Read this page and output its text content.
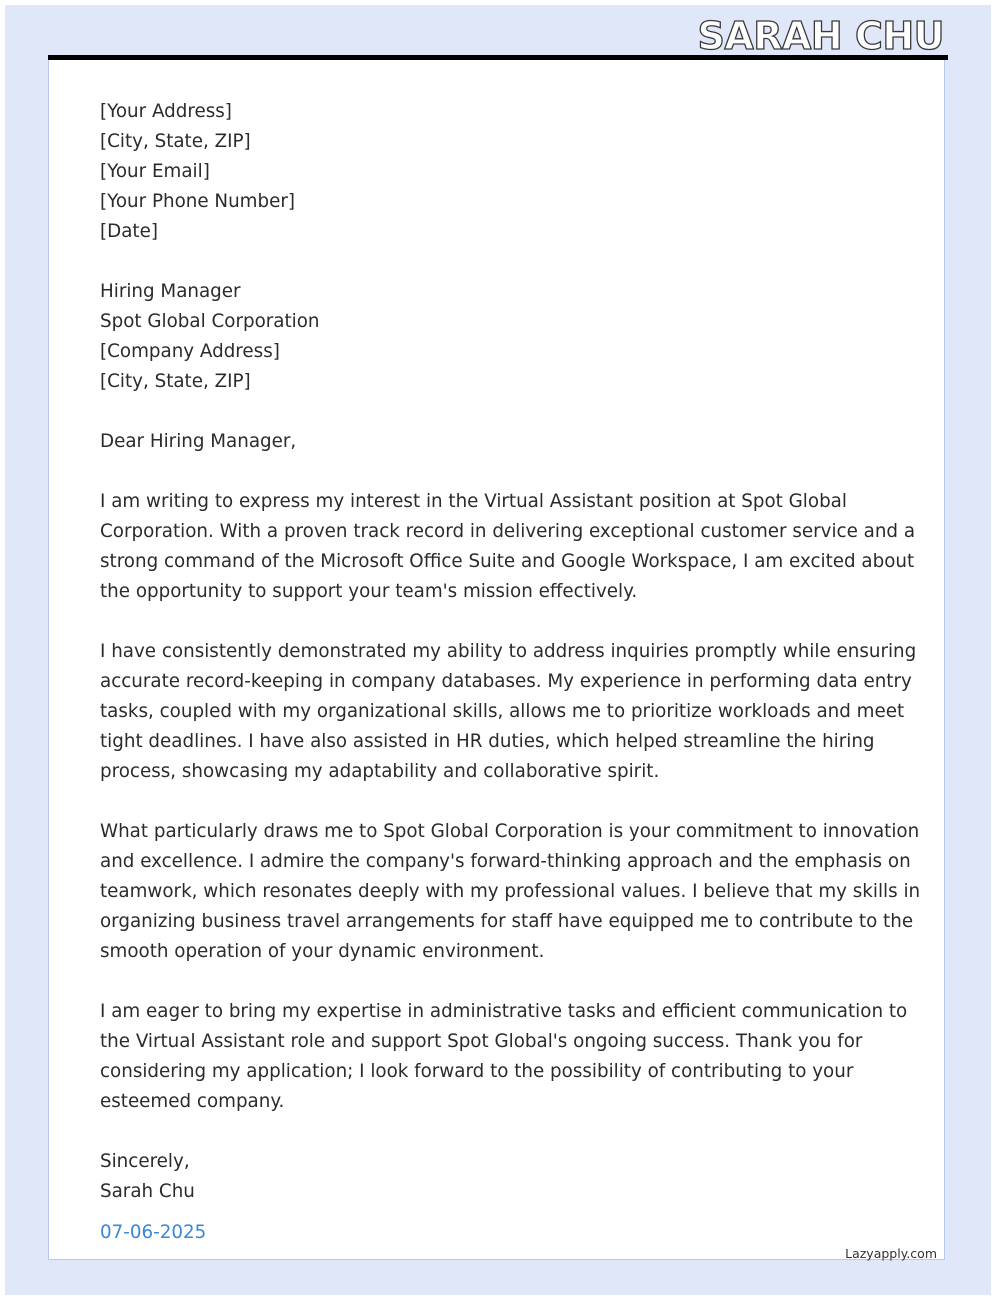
SARAH CHU
[Your Address]
[City, State, ZIP]
[Your Email]
[Your Phone Number]
[Date]
Hiring Manager
Spot Global Corporation
[Company Address]
[City, State, ZIP]
Dear Hiring Manager,
I am writing to express my interest in the Virtual Assistant position at Spot Global
Corporation. With a proven track record in delivering exceptional customer service and a
strong command of the Microsoft Office Suite and Google Workspace, I am excited about
the opportunity to support your team's mission effectively.
I have consistently demonstrated my ability to address inquiries promptly while ensuring
accurate record-keeping in company databases. My experience in performing data entry
tasks, coupled with my organizational skills, allows me to prioritize workloads and meet
tight deadlines. I have also assisted in HR duties, which helped streamline the hiring
process, showcasing my adaptability and collaborative spirit.
What particularly draws me to Spot Global Corporation is your commitment to innovation
and excellence. I admire the company's forward-thinking approach and the emphasis on
teamwork, which resonates deeply with my professional values. I believe that my skills in
organizing business travel arrangements for staff have equipped me to contribute to the
smooth operation of your dynamic environment.
I am eager to bring my expertise in administrative tasks and efficient communication to
the Virtual Assistant role and support Spot Global's ongoing success. Thank you for
considering my application; I look forward to the possibility of contributing to your
esteemed company.
Sincerely,
Sarah Chu
07-06-2025
Lazyapply.com
